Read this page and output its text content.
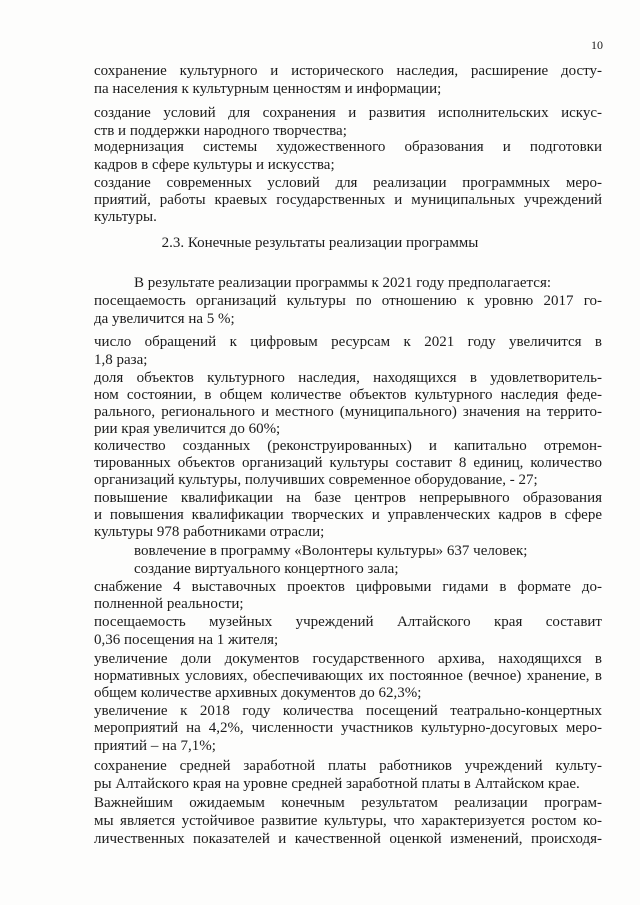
10
сохранение культурного и исторического наследия, расширение досту-
па населения к культурным ценностям и информации;
создание условий для сохранения и развития исполнительских искус-
ств и поддержки народного творчества;
модернизация системы художественного образования и подготовки
кадров в сфере культуры и искусства;
создание современных условий для реализации программных меро-
приятий, работы краевых государственных и муниципальных учреждений
культуры.
2.3. Конечные результаты реализации программы
В результате реализации программы к 2021 году предполагается:
посещаемость организаций культуры по отношению к уровню 2017 го-
да увеличится на 5 %;
число обращений к цифровым ресурсам к 2021 году увеличится в
1,8 раза;
доля объектов культурного наследия, находящихся в удовлетворитель-
ном состоянии, в общем количестве объектов культурного наследия феде-
рального, регионального и местного (муниципального) значения на террито-
рии края увеличится до 60%;
количество созданных (реконструированных) и капитально отремон-
тированных объектов организаций культуры составит 8 единиц, количество
организаций культуры, получивших современное оборудование, - 27;
повышение квалификации на базе центров непрерывного образования
и повышения квалификации творческих и управленческих кадров в сфере
культуры 978 работниками отрасли;
вовлечение в программу «Волонтеры культуры» 637 человек;
создание виртуального концертного зала;
снабжение 4 выставочных проектов цифровыми гидами в формате до-
полненной реальности;
посещаемость музейных учреждений Алтайского края составит
0,36 посещения на 1 жителя;
увеличение доли документов государственного архива, находящихся в
нормативных условиях, обеспечивающих их постоянное (вечное) хранение, в
общем количестве архивных документов до 62,3%;
увеличение к 2018 году количества посещений театрально-концертных
мероприятий на 4,2%, численности участников культурно-досуговых меро-
приятий – на 7,1%;
сохранение средней заработной платы работников учреждений культу-
ры Алтайского края на уровне средней заработной платы в Алтайском крае.
Важнейшим ожидаемым конечным результатом реализации програм-
мы является устойчивое развитие культуры, что характеризуется ростом ко-
личественных показателей и качественной оценкой изменений, происходя-
